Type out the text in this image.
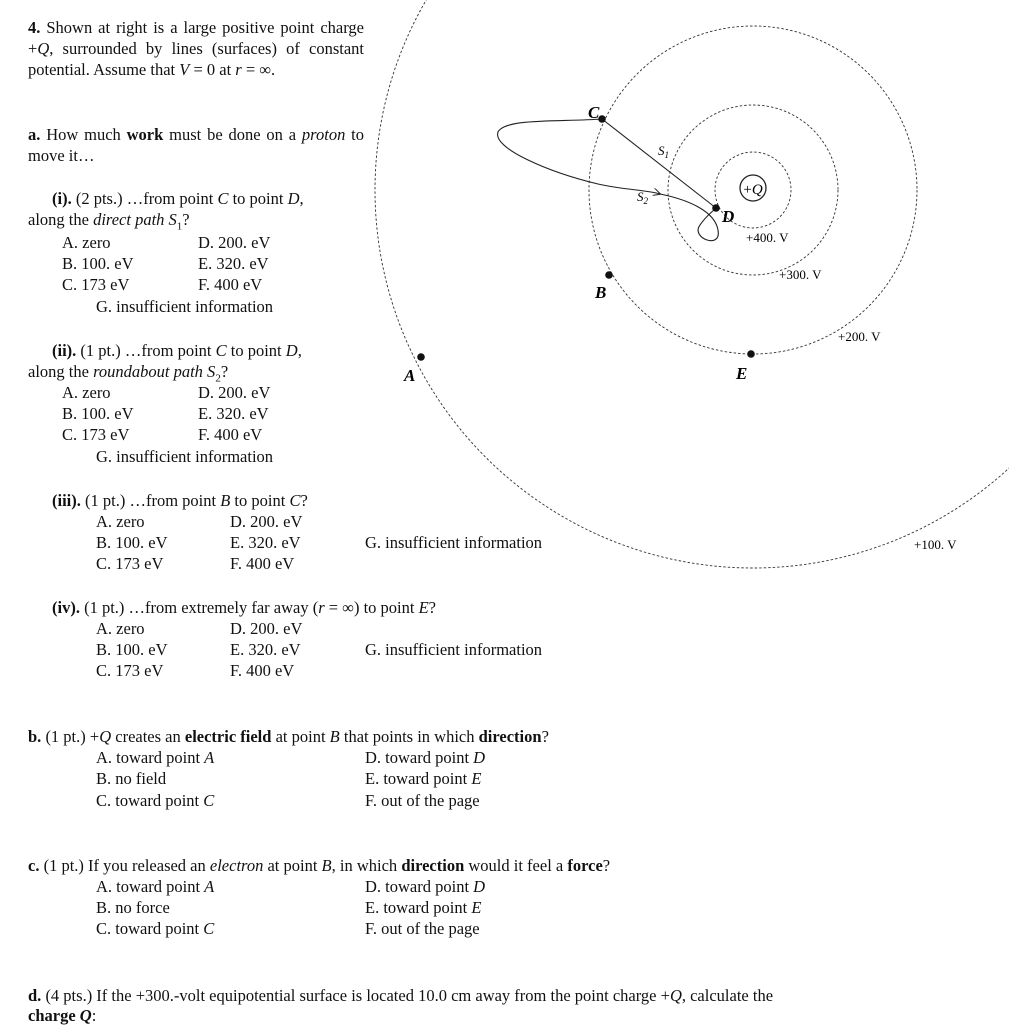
4. Shown at right is a large positive point charge +Q, surrounded by lines (surfaces) of constant potential. Assume that V = 0 at r = ∞.
a. How much work must be done on a proton to move it…
(i). (2 pts.) …from point C to point D,
along the direct path $S_1$?
A. zero
B. 100. eV
C. 173 eV
D. 200. eV
E. 320. eV
F. 400 eV
G. insufficient information
(ii). (1 pt.) …from point C to point D,
along the roundabout path $S_2$?
A. zero
B. 100. eV
C. 173 eV
D. 200. eV
E. 320. eV
F. 400 eV
G. insufficient information
(iii). (1 pt.) …from point B to point C?
A. zero
B. 100. eV
C. 173 eV
D. 200. eV
E. 320. eV
F. 400 eV
G. insufficient information
(iv). (1 pt.) …from extremely far away (r = ∞) to point E?
A. zero
B. 100. eV
C. 173 eV
D. 200. eV
E. 320. eV
F. 400 eV
G. insufficient information
b. (1 pt.) +Q creates an electric field at point B that points in which direction?
A. toward point A
B. no field
C. toward point C
D. toward point D
E. toward point E
F. out of the page
c. (1 pt.) If you released an electron at point B, in which direction would it feel a force?
A. toward point A
B. no force
C. toward point C
D. toward point D
E. toward point E
F. out of the page
d. (4 pts.) If the +300.-volt equipotential surface is located 10.0 cm away from the point charge +Q, calculate the
charge Q:
+Q
C
D
B
A	E
$S_1$
$S_2$
+400. V
+300. V
+200. V
+100. V
